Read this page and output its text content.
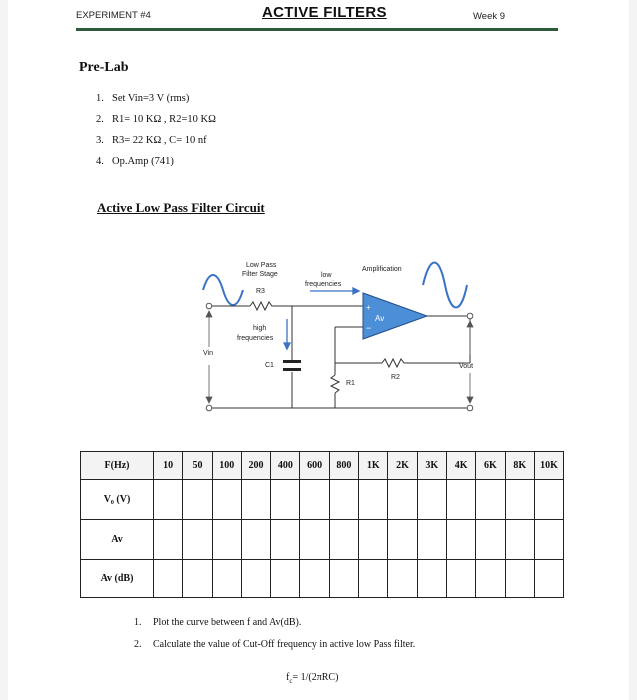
EXPERIMENT #4	ACTIVE FILTERS	Week 9
Pre-Lab
1. Set Vin=3 V (rms)
2. R1= 10 KΩ , R2=10 KΩ
3. R3= 22 KΩ , C= 10 nf
4. Op.Amp (741)
Active Low Pass Filter Circuit
+
−
Low Pass
Filter Stage
R3
low
frequencies
Amplification
high
frequencies
Vin
C1
R2
R1
Vout
Av
F(Hz)	10	50	100	200	400	600	800	1K	2K	3K	4K	6K	8K	10K
V₀ (V)														
Av														
Av (dB)														
1. Plot the curve between f and Av(dB).
2. Calculate the value of Cut-Off frequency in active low Pass filter.
$f_c= 1/(2\pi RC)$
